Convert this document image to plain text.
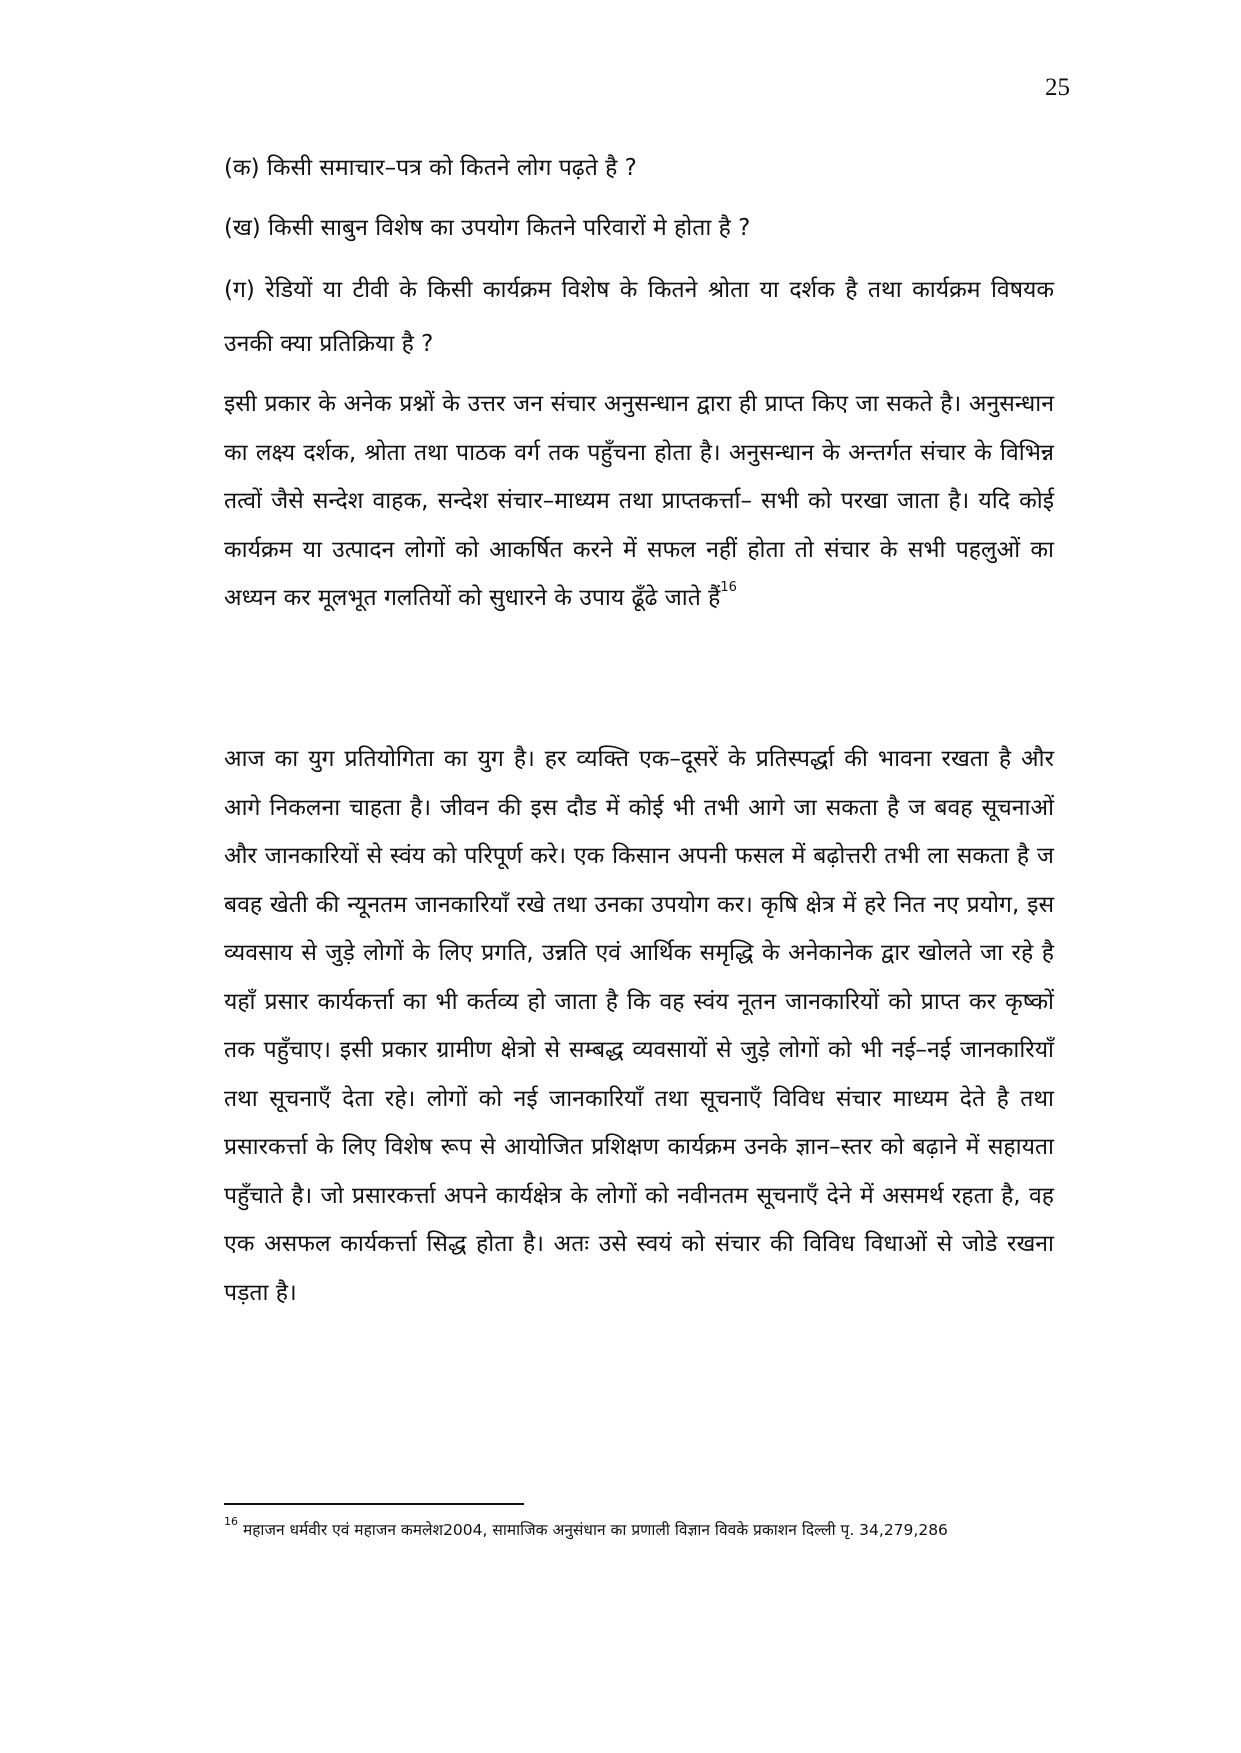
25

(क) किसी समाचार–पत्र को कितने लोग पढ़ते है ?

(ख) किसी साबुन विशेष का उपयोग कितने परिवारों मे होता है ?

(ग) रेडियों या टीवी के किसी कार्यक्रम विशेष के कितने श्रोता या दर्शक है तथा कार्यक्रम विषयक उनकी क्या प्रतिक्रिया है ?

इसी प्रकार के अनेक प्रश्नों के उत्तर जन संचार अनुसन्धान द्वारा ही प्राप्त किए जा सकते है। अनुसन्धान का लक्ष्य दर्शक, श्रोता तथा पाठक वर्ग तक पहुँचना होता है। अनुसन्धान के अन्तर्गत संचार के विभिन्न तत्वों जैसे सन्देश वाहक, सन्देश संचार–माध्यम तथा प्राप्तकर्त्ता– सभी को परखा जाता है। यदि कोई कार्यक्रम या उत्पादन लोगों को आकर्षित करने में सफल नहीं होता तो संचार के सभी पहलुओं का अध्यन कर मूलभूत गलतियों को सुधारने के उपाय ढूँढे जाते हैं$^{16}$

आज का युग प्रतियोगिता का युग है। हर व्यक्ति एक–दूसरें के प्रतिस्पर्द्धा की भावना रखता है और आगे निकलना चाहता है। जीवन की इस दौड में कोई भी तभी आगे जा सकता है ज बवह सूचनाओं और जानकारियों से स्वंय को परिपूर्ण करे। एक किसान अपनी फसल में बढ़ोत्तरी तभी ला सकता है ज बवह खेती की न्यूनतम जानकारियाँ रखे तथा उनका उपयोग कर। कृषि क्षेत्र में हरे नित नए प्रयोग, इस व्यवसाय से जुड़े लोगों के लिए प्रगति, उन्नति एवं आर्थिक समृद्धि के अनेकानेक द्वार खोलते जा रहे है यहाँ प्रसार कार्यकर्त्ता का भी कर्तव्य हो जाता है कि वह स्वंय नूतन जानकारियों को प्राप्त कर कृष्कों तक पहुँचाए। इसी प्रकार ग्रामीण क्षेत्रो से सम्बद्ध व्यवसायों से जुड़े लोगों को भी नई–नई जानकारियाँ तथा सूचनाएँ देता रहे। लोगों को नई जानकारियाँ तथा सूचनाएँ विविध संचार माध्यम देते है तथा प्रसारकर्त्ता के लिए विशेष रूप से आयोजित प्रशिक्षण कार्यक्रम उनके ज्ञान–स्तर को बढ़ाने में सहायता पहुँचाते है। जो प्रसारकर्त्ता अपने कार्यक्षेत्र के लोगों को नवीनतम सूचनाएँ देने में असमर्थ रहता है, वह एक असफल कार्यकर्त्ता सिद्ध होता है। अतः उसे स्वयं को संचार की विविध विधाओं से जोडे रखना पड़ता है।

$^{16}$ महाजन धर्मवीर एवं महाजन कमलेश2004, सामाजिक अनुसंधान का प्रणाली विज्ञान विवके प्रकाशन दिल्ली पृ. 34,279,286
